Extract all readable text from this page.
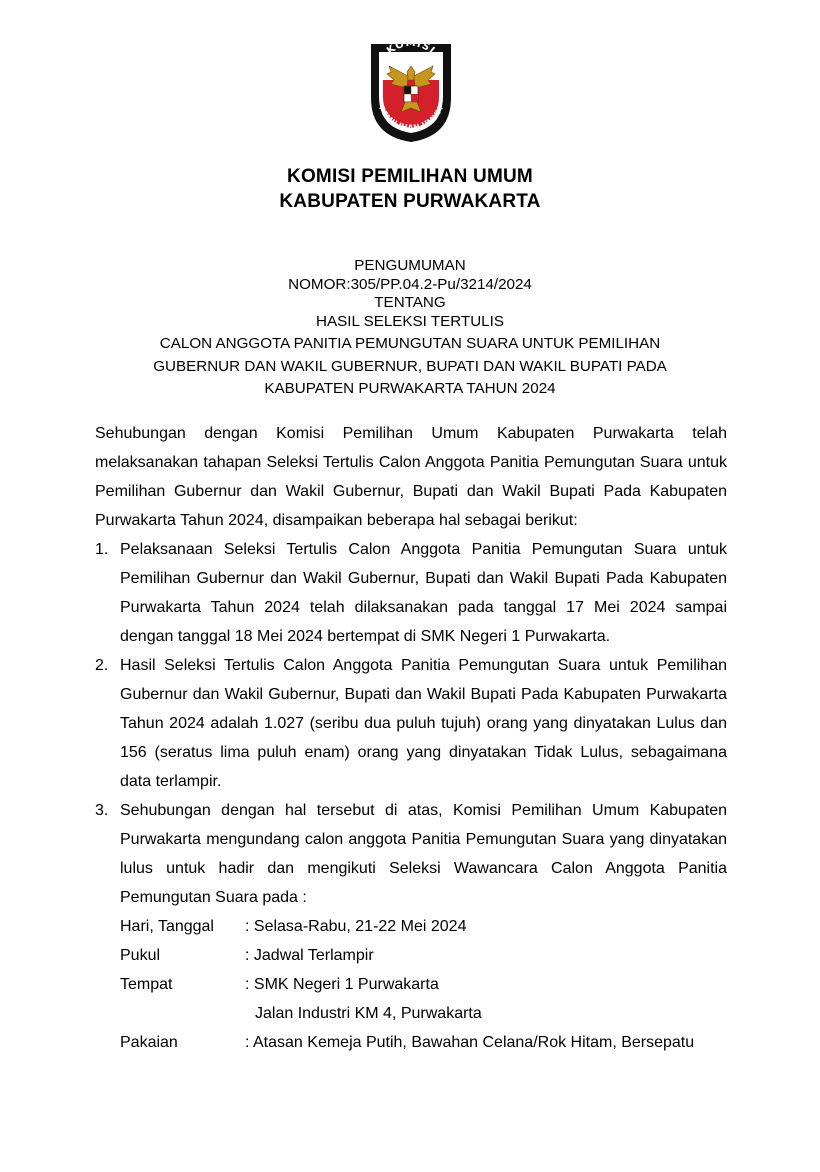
KOMISI
PEMILIHAN UMUM
KOMISI PEMILIHAN UMUM
KABUPATEN PURWAKARTA
PENGUMUMAN
NOMOR:305/PP.04.2-Pu/3214/2024
TENTANG
HASIL SELEKSI TERTULIS
CALON ANGGOTA PANITIA PEMUNGUTAN SUARA UNTUK PEMILIHAN
GUBERNUR DAN WAKIL GUBERNUR, BUPATI DAN WAKIL BUPATI PADA
KABUPATEN PURWAKARTA TAHUN 2024
Sehubungan dengan Komisi Pemilihan Umum Kabupaten Purwakarta telah melaksanakan tahapan Seleksi Tertulis Calon Anggota Panitia Pemungutan Suara untuk Pemilihan Gubernur dan Wakil Gubernur, Bupati dan Wakil Bupati Pada Kabupaten Purwakarta Tahun 2024, disampaikan beberapa hal sebagai berikut:
1. Pelaksanaan Seleksi Tertulis Calon Anggota Panitia Pemungutan Suara untuk Pemilihan Gubernur dan Wakil Gubernur, Bupati dan Wakil Bupati Pada Kabupaten Purwakarta Tahun 2024 telah dilaksanakan pada tanggal 17 Mei 2024 sampai dengan tanggal 18 Mei 2024 bertempat di SMK Negeri 1 Purwakarta.
2. Hasil Seleksi Tertulis Calon Anggota Panitia Pemungutan Suara untuk Pemilihan Gubernur dan Wakil Gubernur, Bupati dan Wakil Bupati Pada Kabupaten Purwakarta Tahun 2024 adalah 1.027 (seribu dua puluh tujuh) orang yang dinyatakan Lulus dan 156 (seratus lima puluh enam) orang yang dinyatakan Tidak Lulus, sebagaimana data terlampir.
3. Sehubungan dengan hal tersebut di atas, Komisi Pemilihan Umum Kabupaten Purwakarta mengundang calon anggota Panitia Pemungutan Suara yang dinyatakan lulus untuk hadir dan mengikuti Seleksi Wawancara Calon Anggota Panitia Pemungutan Suara pada :
Hari, Tanggal	: Selasa-Rabu, 21-22 Mei 2024
Pukul	: Jadwal Terlampir
Tempat	: SMK Negeri 1 Purwakarta
Jalan Industri KM 4, Purwakarta
Pakaian	: Atasan Kemeja Putih, Bawahan Celana/Rok Hitam, Bersepatu
